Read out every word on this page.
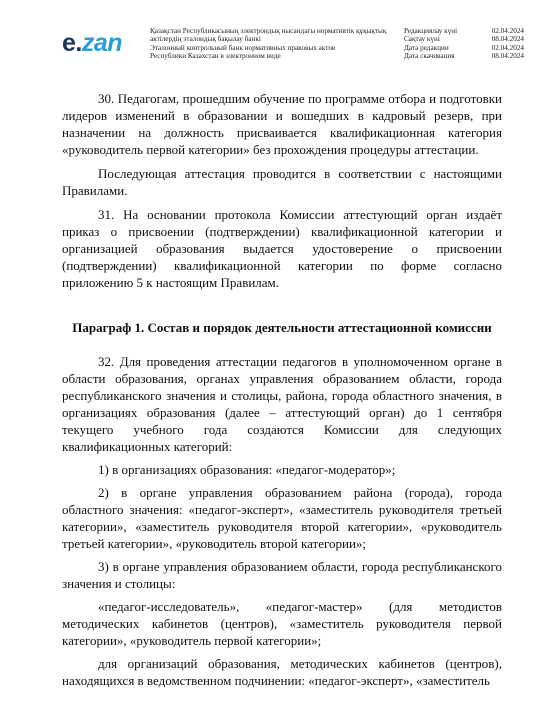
e.zan	Қазақстан Республикасының электрондық нысандағы нормативтік құқықтық
актілердің эталондық бақылау банкі
Эталонный контрольный банк нормативных правовых актов
Республики Казахстан в электронном виде
Редакциялау күні	02.04.2024
Сақтау күні	08.04.2024
Дата редакции	02.04.2024
Дата скачивания	08.04.2024

30. Педагогам, прошедшим обучение по программе отбора и подготовки лидеров изменений в образовании и вошедших в кадровый резерв, при назначении на должность присваивается квалификационная категория «руководитель первой категории» без прохождения процедуры аттестации.

Последующая аттестация проводится в соответствии с настоящими Правилами.

31. На основании протокола Комиссии аттестующий орган издаёт приказ о присвоении (подтверждении) квалификационной категории и организацией образования выдается удостоверение о присвоении (подтверждении) квалификационной категории по форме согласно приложению 5 к настоящим Правилам.

Параграф 1. Состав и порядок деятельности аттестационной комиссии

32. Для проведения аттестации педагогов в уполномоченном органе в области образования, органах управления образованием области, города республиканского значения и столицы, района, города областного значения, в организациях образования (далее – аттестующий орган) до 1 сентября текущего учебного года создаются Комиссии для следующих квалификационных категорий:

1) в организациях образования: «педагог-модератор»;

2) в органе управления образованием района (города), города областного значения: «педагог-эксперт», «заместитель руководителя третьей категории», «заместитель руководителя второй категории», «руководитель третьей категории», «руководитель второй категории»;

3) в органе управления образованием области, города республиканского значения и столицы:

«педагог-исследователь», «педагог-мастер» (для методистов методических кабинетов (центров), «заместитель руководителя первой категории», «руководитель первой категории»;

для организаций образования, методических кабинетов (центров), находящихся в ведомственном подчинении: «педагог-эксперт», «заместитель
